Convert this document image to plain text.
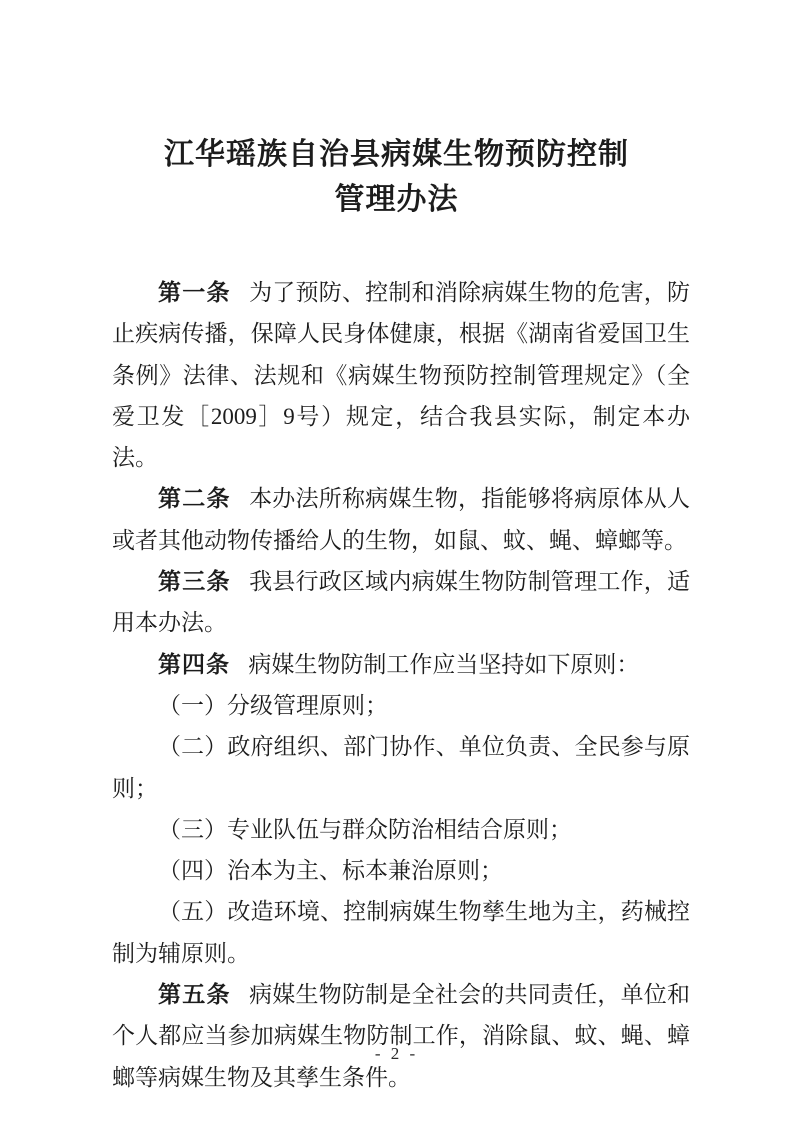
江华瑶族自治县病媒生物预防控制
管理办法

第一条 为了预防、控制和消除病媒生物的危害，防止疾病传播，保障人民身体健康，根据《湖南省爱国卫生条例》法律、法规和《病媒生物预防控制管理规定》（全爱卫发［2009］9号）规定，结合我县实际，制定本办法。

第二条 本办法所称病媒生物，指能够将病原体从人或者其他动物传播给人的生物，如鼠、蚊、蝇、蟑螂等。

第三条 我县行政区域内病媒生物防制管理工作，适用本办法。

第四条 病媒生物防制工作应当坚持如下原则：

（一）分级管理原则；

（二）政府组织、部门协作、单位负责、全民参与原则；

（三）专业队伍与群众防治相结合原则；

（四）治本为主、标本兼治原则；

（五）改造环境、控制病媒生物孳生地为主，药械控制为辅原则。

第五条 病媒生物防制是全社会的共同责任，单位和个人都应当参加病媒生物防制工作，消除鼠、蚊、蝇、蟑螂等病媒生物及其孳生条件。

- 2 -
